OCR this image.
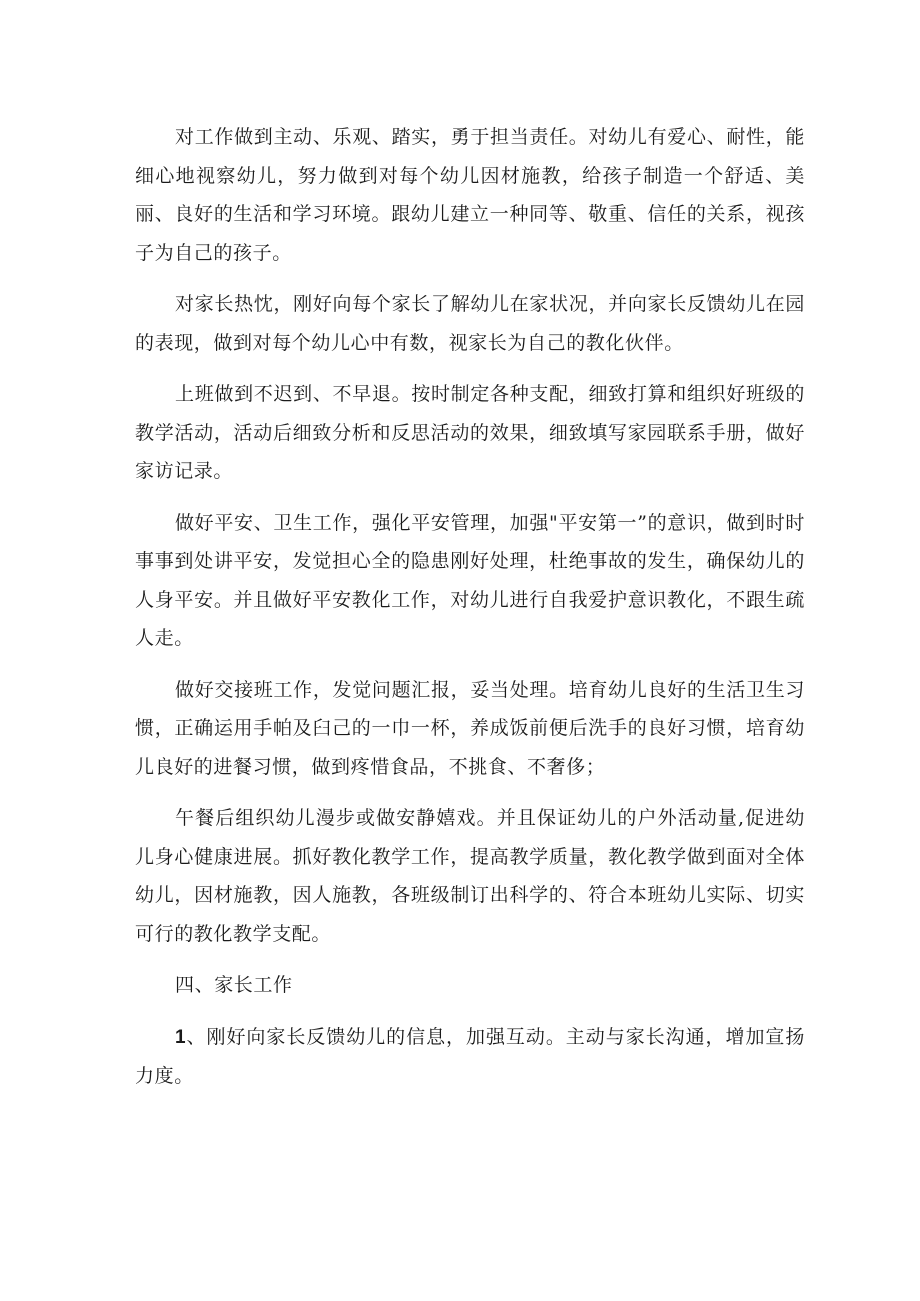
对工作做到主动、乐观、踏实，勇于担当责任。对幼儿有爱心、耐性，能细心地视察幼儿，努力做到对每个幼儿因材施教，给孩子制造一个舒适、美丽、良好的生活和学习环境。跟幼儿建立一种同等、敬重、信任的关系，视孩子为自己的孩子。

对家长热忱，刚好向每个家长了解幼儿在家状况，并向家长反馈幼儿在园的表现，做到对每个幼儿心中有数，视家长为自己的教化伙伴。

上班做到不迟到、不早退。按时制定各种支配，细致打算和组织好班级的教学活动，活动后细致分析和反思活动的效果，细致填写家园联系手册，做好家访记录。

做好平安、卫生工作，强化平安管理，加强"平安第一”的意识，做到时时事事到处讲平安，发觉担心全的隐患刚好处理，杜绝事故的发生，确保幼儿的人身平安。并且做好平安教化工作，对幼儿进行自我爱护意识教化，不跟生疏人走。

做好交接班工作，发觉问题汇报，妥当处理。培育幼儿良好的生活卫生习惯，正确运用手帕及臼己的一巾一杯，养成饭前便后洗手的良好习惯，培育幼儿良好的进餐习惯，做到疼惜食品，不挑食、不奢侈；

午餐后组织幼儿漫步或做安静嬉戏。并且保证幼儿的户外活动量,促进幼儿身心健康进展。抓好教化教学工作，提高教学质量，教化教学做到面对全体幼儿，因材施教，因人施教，各班级制订出科学的、符合本班幼儿实际、切实可行的教化教学支配。

四、家长工作

1、刚好向家长反馈幼儿的信息，加强互动。主动与家长沟通，增加宣扬力度。
